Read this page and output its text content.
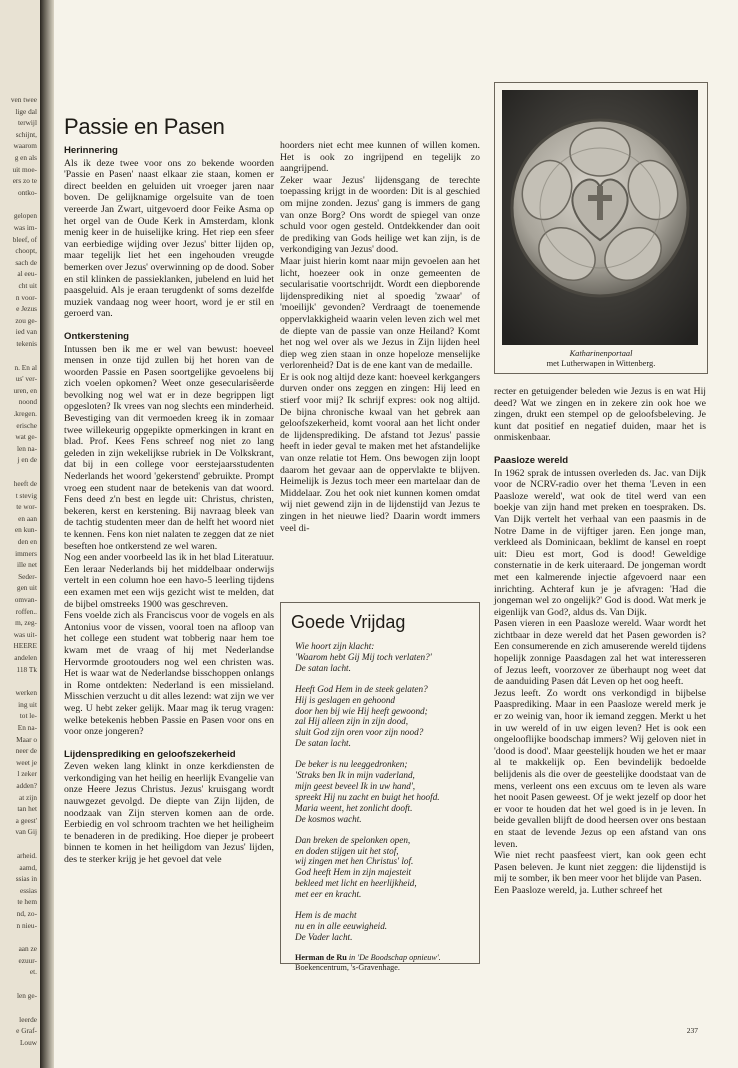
ven twee
lige dal
terwijl
schijnt,
waarom
g en als
uit moe-
ers zo te
ontko-
gelopen
was im-
bleef, of
choopt,
sach de
al eeu-
cht uit
n voor-
e Jezus
zou ge-
ied van
tekenis
n. En al
us' ver-
uren, en
noond
.kregen.
erische
wat ge-
len na-
j en de
heeft de
t stevig
te wor-
en aan
en kun-
den en
immers
ille net
Seder-
gen uit
omvan-
roffen..
m, zeg-
was uit-
HEERE
andelen
118 Tk
werken
ing uit
tot le-
En na-
Maar o
neer de
weet je
l zeker
adden?
at zijn
tan het
a geest'
van Gij
arheid.
aamd,
ssias in
essias
te hem
nd, zo-
n nieu-
aan ze
ezuur-
et.
len ge-
leerde
e Graf-
Louw
Passie en Pasen
Herinnering

Als ik deze twee voor ons zo bekende woorden 'Passie en Pasen' naast elkaar zie staan, komen er direct beelden en geluiden uit vroeger jaren naar boven. De gelijknamige orgelsuite van de toen vereerde Jan Zwart, uitgevoerd door Feike Asma op het orgel van de Oude Kerk in Amsterdam, klonk menig keer in de huiselijke kring. Het riep een sfeer van eerbiedige wijding over Jezus' bitter lijden op, maar tegelijk liet het een ingehouden vreugde bemerken over Jezus' overwinning op de dood. Sober en stil klinken de passieklanken, jubelend en luid het paasgeluid. Als je eraan terugdenkt of soms dezelfde muziek vandaag nog weer hoort, word je er stil en geroerd van.

Ontkerstening

Intussen ben ik me er wel van bewust: hoeveel mensen in onze tijd zullen bij het horen van de woorden Passie en Pasen soortgelijke gevoelens bij zich voelen opkomen? Weet onze gesecularisëerde bevolking nog wel wat er in deze begrippen ligt opgesloten? Ik vrees van nog slechts een minderheid. Bevestiging van dit vermoeden kreeg ik in zomaar twee willekeurig opgepikte opmerkingen in krant en blad. Prof. Kees Fens schreef nog niet zo lang geleden in zijn wekelijkse rubriek in De Volkskrant, dat bij in een college voor eerstejaarsstudenten Nederlands het woord 'gekerstend' gebruikte. Prompt vroeg een student naar de betekenis van dat woord. Fens deed z'n best en legde uit: Christus, christen, bekeren, kerst en kerstening. Bij navraag bleek van de tachtig studenten meer dan de helft het woord niet te kennen. Fens kon niet nalaten te zeggen dat ze niet beseften hoe ontkerstend ze wel waren.

Nog een ander voorbeeld las ik in het blad Literatuur. Een leraar Nederlands bij het middelbaar onderwijs vertelt in een column hoe een havo-5 leerling tijdens een examen met een wijs gezicht wist te melden, dat de bijbel omstreeks 1900 was geschreven.

Fens voelde zich als Franciscus voor de vogels en als Antonius voor de vissen, vooral toen na afloop van het college een student wat tobberig naar hem toe kwam met de vraag of hij met Nederlandse Hervormde grootouders nog wel een christen was. Het is waar wat de Nederlandse bisschoppen onlangs in Rome ontdekten: Nederland is een missieland. Misschien verzucht u dit alles lezend: wat zijn we ver weg. U hebt zeker gelijk. Maar mag ik terug vragen: welke betekenis hebben Passie en Pasen voor ons en voor onze jongeren?

Lijdensprediking en geloofszekerheid

Zeven weken lang klinkt in onze kerkdiensten de verkondiging van het heilig en heerlijk Evangelie van onze Heere Jezus Christus. Jezus' kruisgang wordt nauwgezet gevolgd. De diepte van Zijn lijden, de noodzaak van Zijn sterven komen aan de orde. Eerbiedig en vol schroom trachten we het heiligheim te benaderen in de prediking. Hoe dieper je probeert binnen te komen in het heiligdom van Jezus' lijden, des te sterker krijg je het gevoel dat vele

hoorders niet echt mee kunnen of willen komen. Het is ook zo ingrijpend en tegelijk zo aangrijpend.

Zeker waar Jezus' lijdensgang de terechte toepassing krijgt in de woorden: Dit is al geschied om mijne zonden. Jezus' gang is immers de gang van onze Borg? Ons wordt de spiegel van onze schuld voor ogen gesteld. Ontdekkender dan ooit de prediking van Gods heilige wet kan zijn, is de verkondiging van Jezus' dood.

Maar juist hierin komt naar mijn gevoelen aan het licht, hoezeer ook in onze gemeenten de secularisatie voortschrijdt. Wordt een diepborende lijdensprediking niet al spoedig 'zwaar' of 'moeilijk' gevonden? Verdraagt de toenemende oppervlakkigheid waarin velen leven zich wel met de diepte van de passie van onze Heiland? Komt het nog wel over als we Jezus in Zijn lijden heel diep weg zien staan in onze hopeloze menselijke verlorenheid? Dat is de ene kant van de medaille.

Er is ook nog altijd deze kant: hoeveel kerkgangers durven onder ons zeggen en zingen: Hij leed en stierf voor mij? Ik schrijf expres: ook nog altijd. De bijna chronische kwaal van het gebrek aan geloofszekerheid, komt vooral aan het licht onder de lijdensprediking. De afstand tot Jezus' passie heeft in ieder geval te maken met het afstandelijke van onze relatie tot Hem. Ons bewogen zijn loopt daarom het gevaar aan de oppervlakte te blijven. Heimelijk is Jezus toch meer een martelaar dan de Middelaar. Zou het ook niet kunnen komen omdat wij niet gewend zijn in de lijdenstijd van Jezus te zingen in het nieuwe lied? Daarin wordt immers veel di-

Katharinenportaal
met Lutherwapen in Wittenberg.

recter en getuigender beleden wie Jezus is en wat Hij deed? Wat we zingen en in zekere zin ook hoe we zingen, drukt een stempel op de geloofsbeleving. Je kunt dat positief en negatief duiden, maar het is onmiskenbaar.

Paasloze wereld

In 1962 sprak de intussen overleden ds. Jac. van Dijk voor de NCRV-radio over het thema 'Leven in een Paasloze wereld', wat ook de titel werd van een boekje van zijn hand met preken en toespraken. Ds. Van Dijk vertelt het verhaal van een paasmis in de Notre Dame in de vijftiger jaren. Een jonge man, verkleed als Dominicaan, beklimt de kansel en roept uit: Dieu est mort, God is dood! Geweldige consternatie in de kerk uiteraard. De jongeman wordt met een kalmerende injectie afgevoerd naar een inrichting. Achteraf kun je je afvragen: 'Had die jongeman wel zo ongelijk?' God is dood. Wat merk je eigenlijk van God?, aldus ds. Van Dijk.

Pasen vieren in een Paasloze wereld. Waar wordt het zichtbaar in deze wereld dat het Pasen geworden is? Een consumerende en zich amuserende wereld tijdens hopelijk zonnige Paasdagen zal het wat interesseren of Jezus leeft, voorzover ze überhaupt nog weet dat de aanduiding Pasen dát Leven op het oog heeft.

Jezus leeft. Zo wordt ons verkondigd in bijbelse Paasprediking. Maar in een Paasloze wereld merk je er zo weinig van, hoor ik iemand zeggen. Merkt u het in uw wereld of in uw eigen leven? Het is ook een ongelooflijke boodschap immers? Wij geloven niet in 'dood is dood'. Maar geestelijk houden we het er maar al te makkelijk op. Een bevindelijk bedoelde belijdenis als die over de geestelijke doodstaat van de mens, verleent ons een excuus om te leven als ware het nooit Pasen geweest. Of je wekt jezelf op door het er voor te houden dat het wel goed is in je leven. In beide gevallen blijft de dood heersen over ons bestaan en staat de levende Jezus op een afstand van ons leven.

Wie niet recht paasfeest viert, kan ook geen echt Pasen beleven. Je kunt niet zeggen: die lijdenstijd is mij te somber, ik ben meer voor het blijde van Pasen.

Een Paasloze wereld, ja. Luther schreef het

Goede Vrijdag
Wie hoort zijn klacht:
'Waarom hebt Gij Mij toch verlaten?'
De satan lacht.
Heeft God Hem in de steek gelaten?
Hij is geslagen en gehoond
door hen bij wie Hij heeft gewoond;
zal Hij alleen zijn in zijn dood,
sluit God zijn oren voor zijn nood?
De satan lacht.
De beker is nu leeggedronken;
'Straks ben Ik in mijn vaderland,
mijn geest beveel Ik in uw hand',
spreekt Hij nu zacht en buigt het hoofd.
Maria weent, het zonlicht dooft.
De kosmos wacht.
Dan breken de spelonken open,
en doden stijgen uit het stof,
wij zingen met hen Christus' lof.
God heeft Hem in zijn majesteit
bekleed met licht en heerlijkheid,
met eer en kracht.
Hem is de macht
nu en in alle eeuwigheid.
De Vader lacht.
Herman de Ru in 'De Boodschap opnieuw'. Boekencentrum, 's-Gravenhage.
237
